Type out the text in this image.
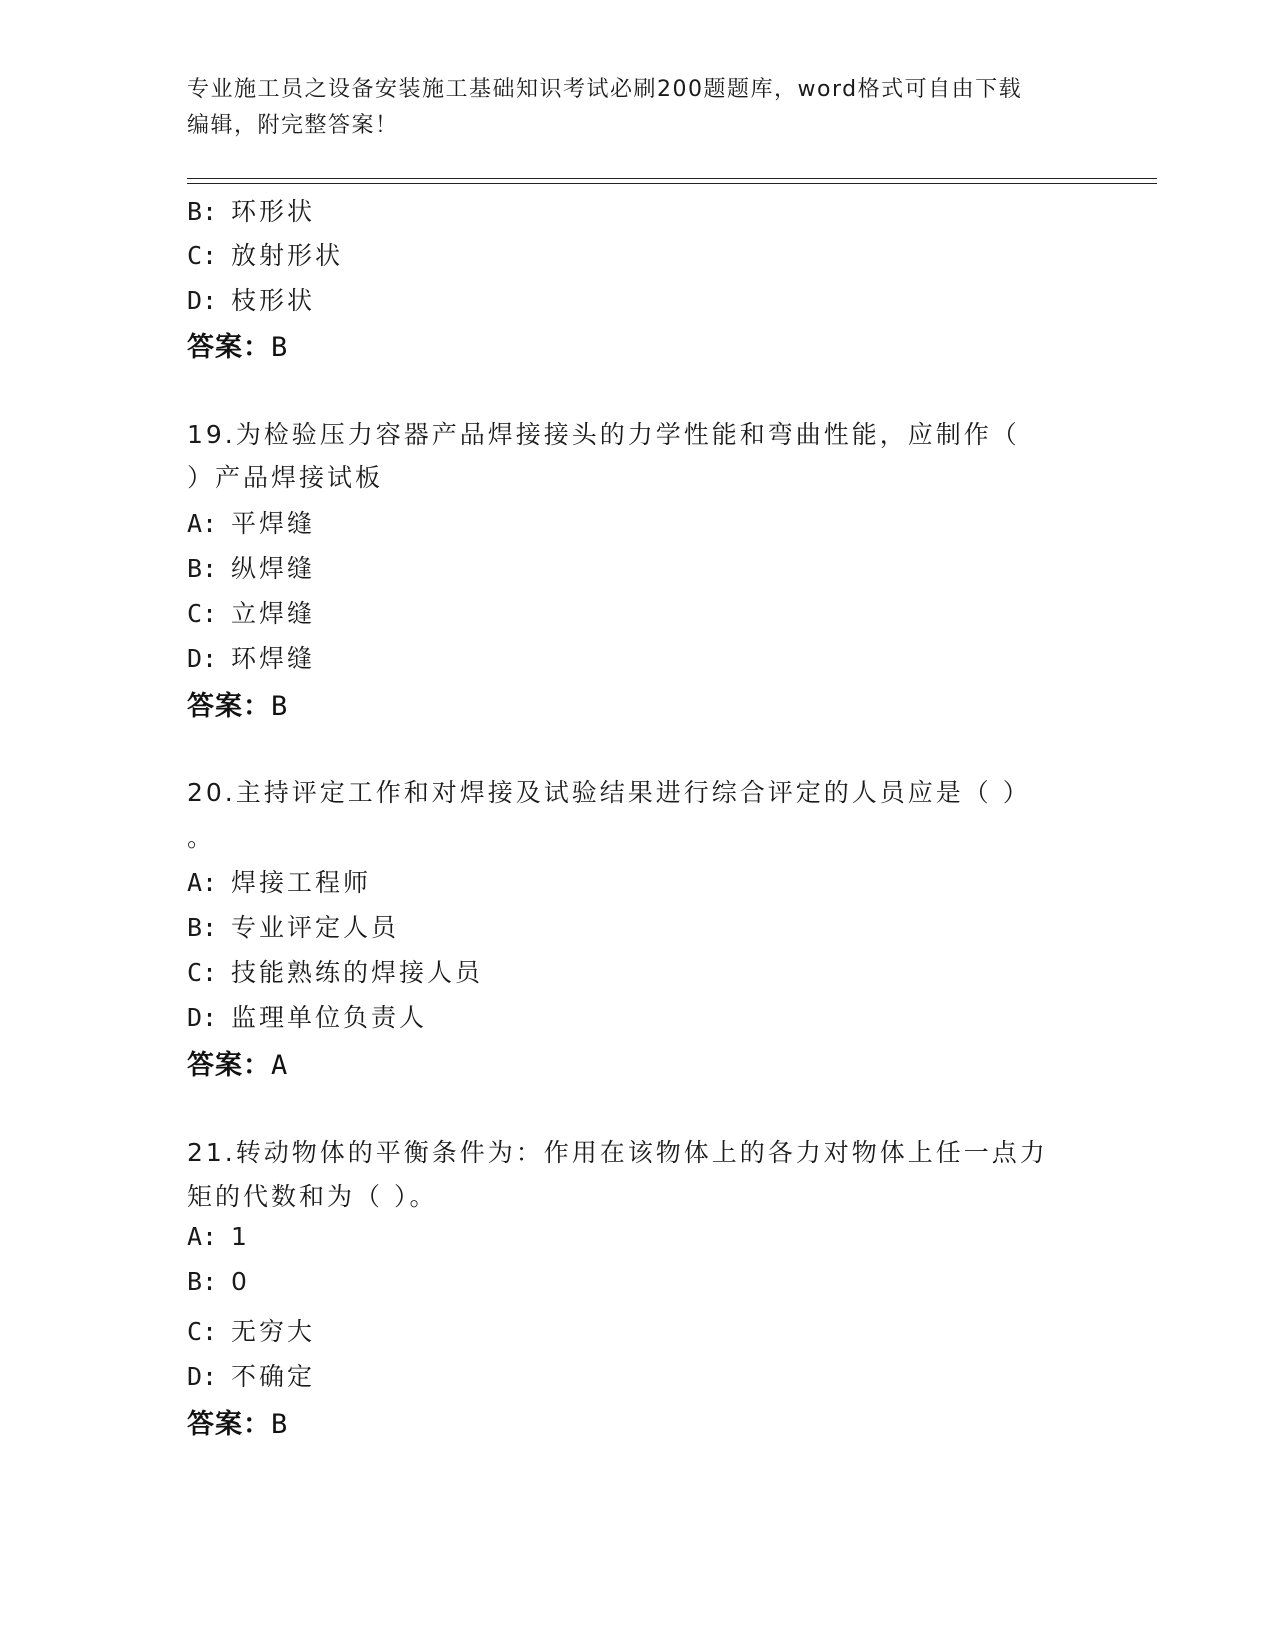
专业施工员之设备安装施工基础知识考试必刷200题题库，word格式可自由下载
编辑，附完整答案！
B: 环形状
C: 放射形状
D: 枝形状
答案：B
19.为检验压力容器产品焊接接头的力学性能和弯曲性能，应制作（
）产品焊接试板
A: 平焊缝
B: 纵焊缝
C: 立焊缝
D: 环焊缝
答案：B
20.主持评定工作和对焊接及试验结果进行综合评定的人员应是（ ）
。
A: 焊接工程师
B: 专业评定人员
C: 技能熟练的焊接人员
D: 监理单位负责人
答案：A
21.转动物体的平衡条件为：作用在该物体上的各力对物体上任一点力
矩的代数和为（ ）。
A: 1
B: 0
C: 无穷大
D: 不确定
答案：B
